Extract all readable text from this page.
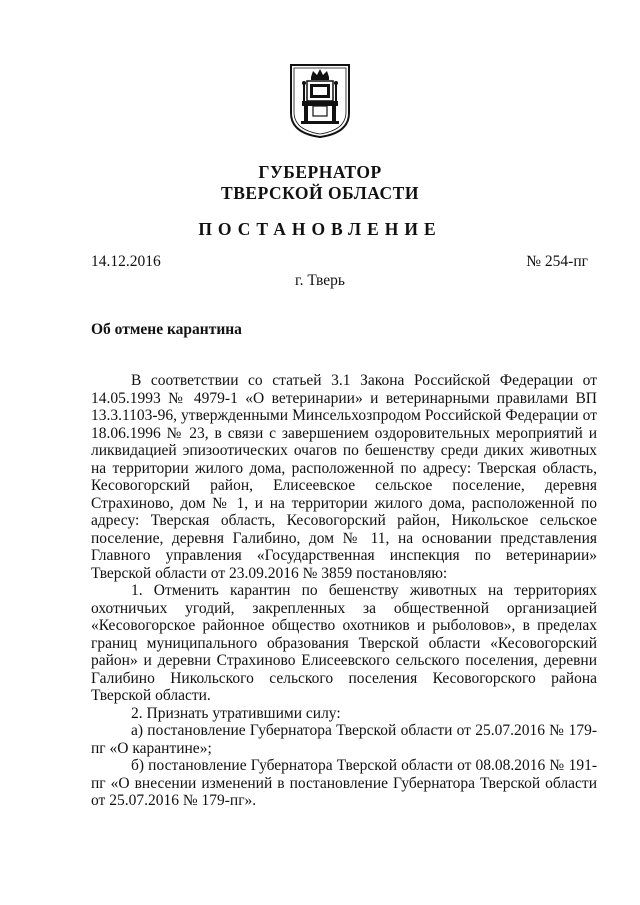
ГУБЕРНАТОР
ТВЕРСКОЙ ОБЛАСТИ
ПОСТАНОВЛЕНИЕ
14.12.2016	№ 254-пг
г. Тверь
Об отмене карантина

В соответствии со статьей 3.1 Закона Российской Федерации от 14.05.1993 № 4979-1 «О ветеринарии» и ветеринарными правилами ВП 13.3.1103-96, утвержденными Минсельхозпродом Российской Федерации от 18.06.1996 № 23, в связи с завершением оздоровительных мероприятий и ликвидацией эпизоотических очагов по бешенству среди диких животных на территории жилого дома, расположенной по адресу: Тверская область, Кесовогорский район, Елисеевское сельское поселение, деревня Страхиново, дом № 1, и на территории жилого дома, расположенной по адресу: Тверская область, Кесовогорский район, Никольское сельское поселение, деревня Галибино, дом № 11, на основании представления Главного управления «Государственная инспекция по ветеринарии» Тверской области от 23.09.2016 № 3859 постановляю:

1. Отменить карантин по бешенству животных на территориях охотничьих угодий, закрепленных за общественной организацией «Кесовогорское районное общество охотников и рыболовов», в пределах границ муниципального образования Тверской области «Кесовогорский район» и деревни Страхиново Елисеевского сельского поселения, деревни Галибино Никольского сельского поселения Кесовогорского района Тверской области.

2. Признать утратившими силу:

а) постановление Губернатора Тверской области от 25.07.2016 № 179-пг «О карантине»;

б) постановление Губернатора Тверской области от 08.08.2016 № 191-пг «О внесении изменений в постановление Губернатора Тверской области от 25.07.2016 № 179-пг».
